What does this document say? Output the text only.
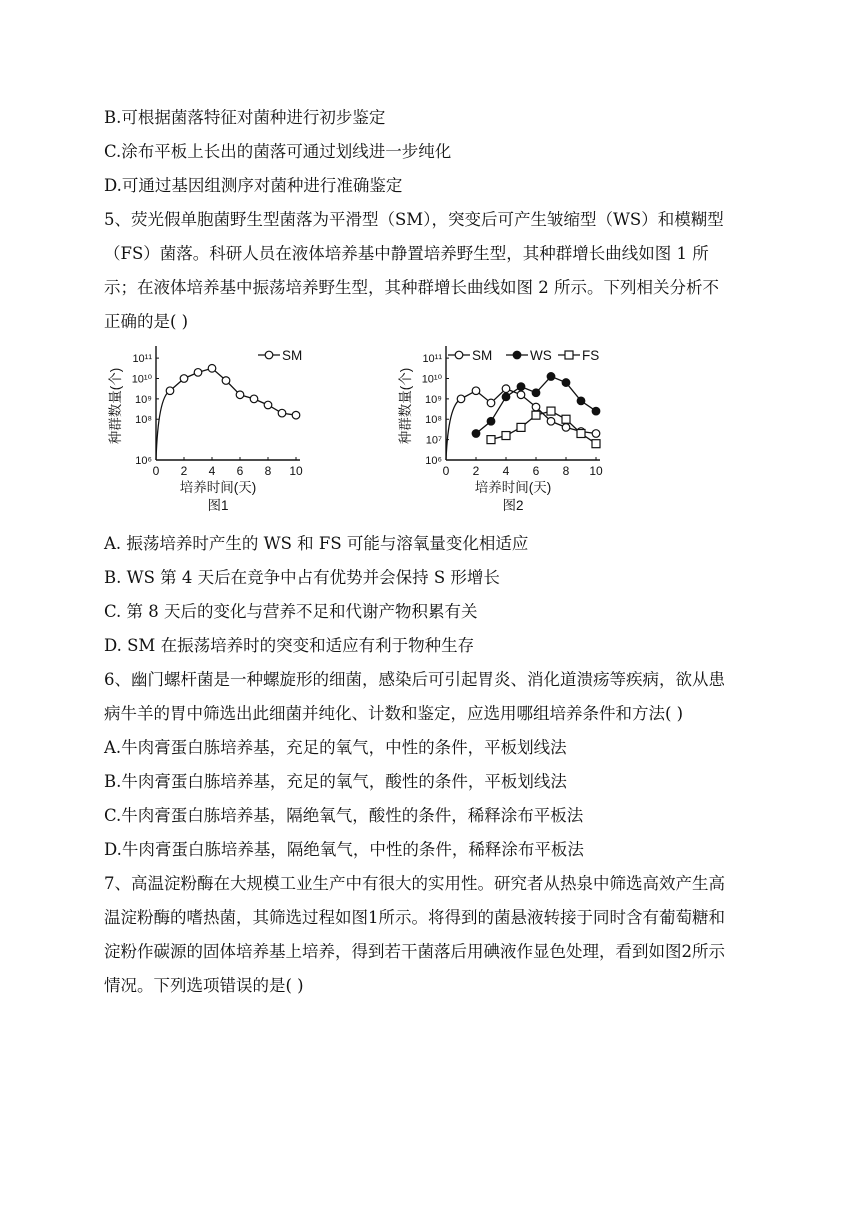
B.可根据菌落特征对菌种进行初步鉴定
C.涂布平板上长出的菌落可通过划线进一步纯化
D.可通过基因组测序对菌种进行准确鉴定
5、荧光假单胞菌野生型菌落为平滑型（SM），突变后可产生皱缩型（WS）和模糊型
（FS）菌落。科研人员在液体培养基中静置培养野生型，其种群增长曲线如图 1 所
示；在液体培养基中振荡培养野生型，其种群增长曲线如图 2 所示。下列相关分析不
正确的是( )
0 2 4 6 8 10
10⁶
10⁸
10⁹
10¹⁰
10¹¹
培养时间(天)
种群数量(个)
图1
SM
0 2 4 6 8 10
10⁶
10⁷
10⁸
10⁹
10¹⁰
10¹¹
培养时间(天)
种群数量(个)
图2
SM	WS FS
A. 振荡培养时产生的 WS 和 FS 可能与溶氧量变化相适应
B. WS 第 4 天后在竞争中占有优势并会保持 S 形增长
C. 第 8 天后的变化与营养不足和代谢产物积累有关
D. SM 在振荡培养时的突变和适应有利于物种生存
6、幽门螺杆菌是一种螺旋形的细菌，感染后可引起胃炎、消化道溃疡等疾病，欲从患
病牛羊的胃中筛选出此细菌并纯化、计数和鉴定，应选用哪组培养条件和方法( )
A.牛肉膏蛋白胨培养基，充足的氧气，中性的条件，平板划线法
B.牛肉膏蛋白胨培养基，充足的氧气，酸性的条件，平板划线法
C.牛肉膏蛋白胨培养基，隔绝氧气，酸性的条件，稀释涂布平板法
D.牛肉膏蛋白胨培养基，隔绝氧气，中性的条件，稀释涂布平板法
7、高温淀粉酶在大规模工业生产中有很大的实用性。研究者从热泉中筛选高效产生高
温淀粉酶的嗜热菌，其筛选过程如图1所示。将得到的菌悬液转接于同时含有葡萄糖和
淀粉作碳源的固体培养基上培养，得到若干菌落后用碘液作显色处理，看到如图2所示
情况。下列选项错误的是( )
